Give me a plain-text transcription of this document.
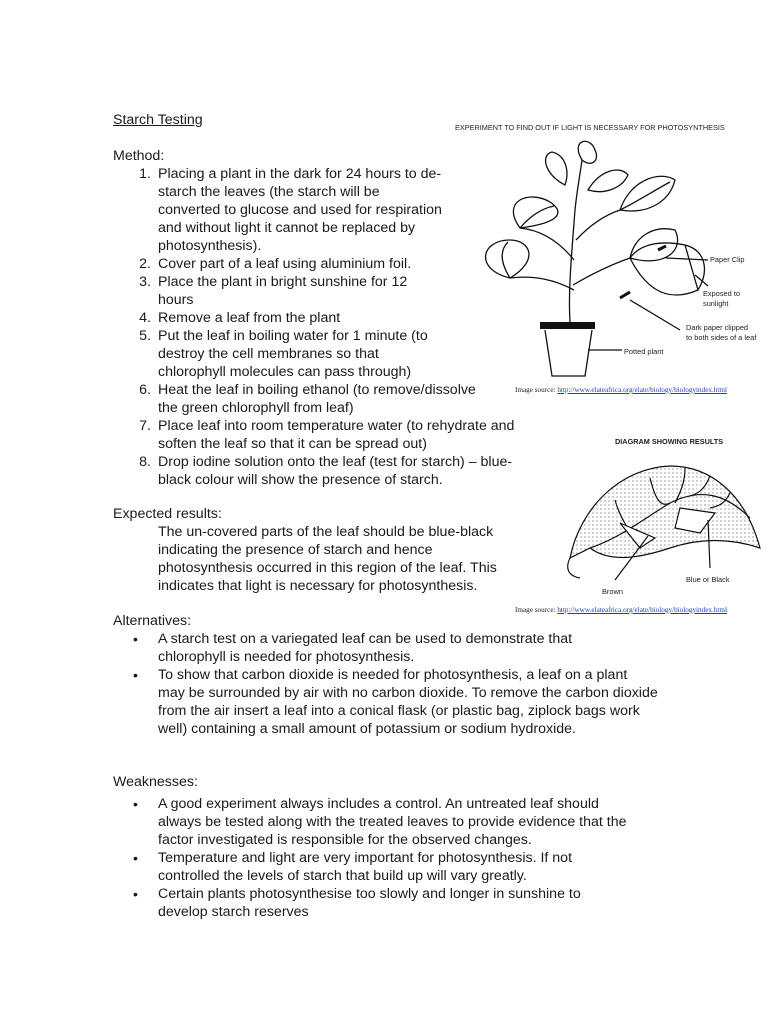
Starch Testing
Method:
1. Placing a plant in the dark for 24 hours to de-starch the leaves (the starch will be converted to glucose and used for respiration and without light it cannot be replaced by photosynthesis).
2. Cover part of a leaf using aluminium foil.
3. Place the plant in bright sunshine for 12 hours
4. Remove a leaf from the plant
5. Put the leaf in boiling water for 1 minute (to destroy the cell membranes so that chlorophyll molecules can pass through)
6. Heat the leaf in boiling ethanol (to remove/dissolve the green chlorophyll from leaf)
7. Place leaf into room temperature water (to rehydrate and soften the leaf so that it can be spread out)
8. Drop iodine solution onto the leaf (test for starch) – blue-black colour will show the presence of starch.
Expected results:
The un-covered parts of the leaf should be blue-black indicating the presence of starch and hence photosynthesis occurred in this region of the leaf. This indicates that light is necessary for photosynthesis.
Alternatives:
• A starch test on a variegated leaf can be used to demonstrate that chlorophyll is needed for photosynthesis.
• To show that carbon dioxide is needed for photosynthesis, a leaf on a plant may be surrounded by air with no carbon dioxide. To remove the carbon dioxide from the air insert a leaf into a conical flask (or plastic bag, ziplock bags work well) containing a small amount of potassium or sodium hydroxide.
Weaknesses:
• A good experiment always includes a control. An untreated leaf should always be tested along with the treated leaves to provide evidence that the factor investigated is responsible for the observed changes.
• Temperature and light are very important for photosynthesis. If not controlled the levels of starch that build up will vary greatly.
• Certain plants photosynthesise too slowly and longer in sunshine to develop starch reserves
EXPERIMENT TO FIND OUT IF LIGHT IS NECESSARY FOR PHOTOSYNTHESIS
Paper Clip
Exposed to
sunlight
Dark paper clipped
to both sides of a leaf
Potted plant
Image source: http://www.elateafrica.org/elate/biology/biologyindex.html
DIAGRAM SHOWING RESULTS
Brown
Blue or Black
Image source: http://www.elateafrica.org/elate/biology/biologyindex.html
